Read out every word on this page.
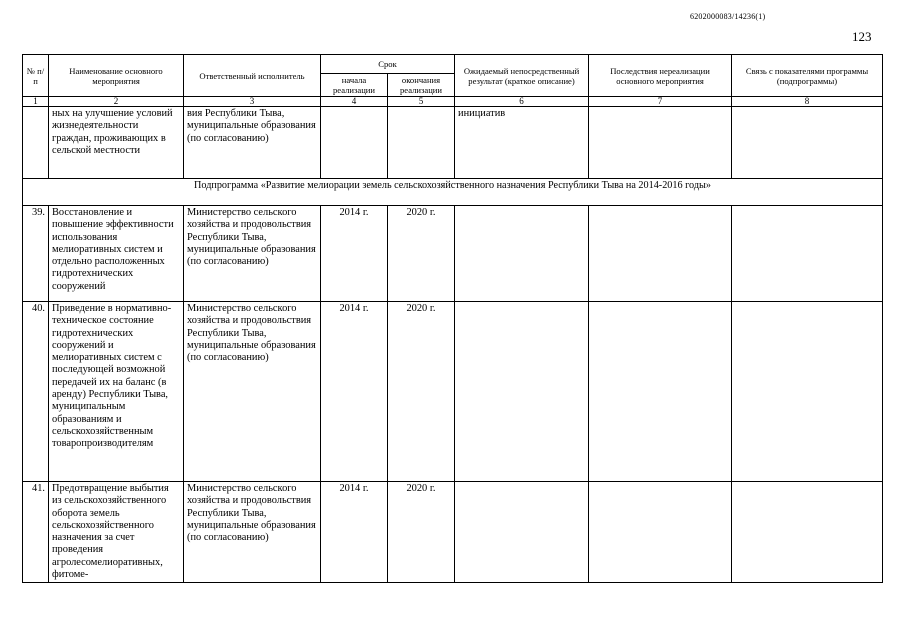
6202000083/14236(1)
123
№ п/п	Наименование основного мероприятия	Ответственный исполнитель	Срок		Ожидаемый непосредственный результат (краткое описание)	Последствия нереализации основного мероприятия	Связь с показателями программы (подпрограммы)
			начала реализации	окончания реализации			
1	2	3	4	5	6	7	8
	ных на улучшение условий жизнедеятельности граждан, проживающих в сельской местности	вия Республики Тыва, муниципальные образования (по согласованию)			инициатив		
Подпрограмма «Развитие мелиорации земель сельскохозяйственного назначения Республики Тыва на 2014-2016 годы»							
39.	Восстановление и повышение эффективности использования мелиоративных систем и отдельно расположенных гидротехнических сооружений	Министерство сельского хозяйства и продовольствия Республики Тыва, муниципальные образования (по согласованию)	2014 г.	2020 г.			
40.	Приведение в нормативно-техническое состояние гидротехнических сооружений и мелиоративных систем с последующей возможной передачей их на баланс (в аренду) Республики Тыва, муниципальным образованиям и сельскохозяйственным товаропроизводителям	Министерство сельского хозяйства и продовольствия Республики Тыва, муниципальные образования (по согласованию)	2014 г.	2020 г.			
41.	Предотвращение выбытия из сельскохозяйственного оборота земель сельскохозяйственного назначения за счет проведения агролесомелиоративных, фитоме-	Министерство сельского хозяйства и продовольствия Республики Тыва, муниципальные образования (по согласованию)	2014 г.	2020 г.			
